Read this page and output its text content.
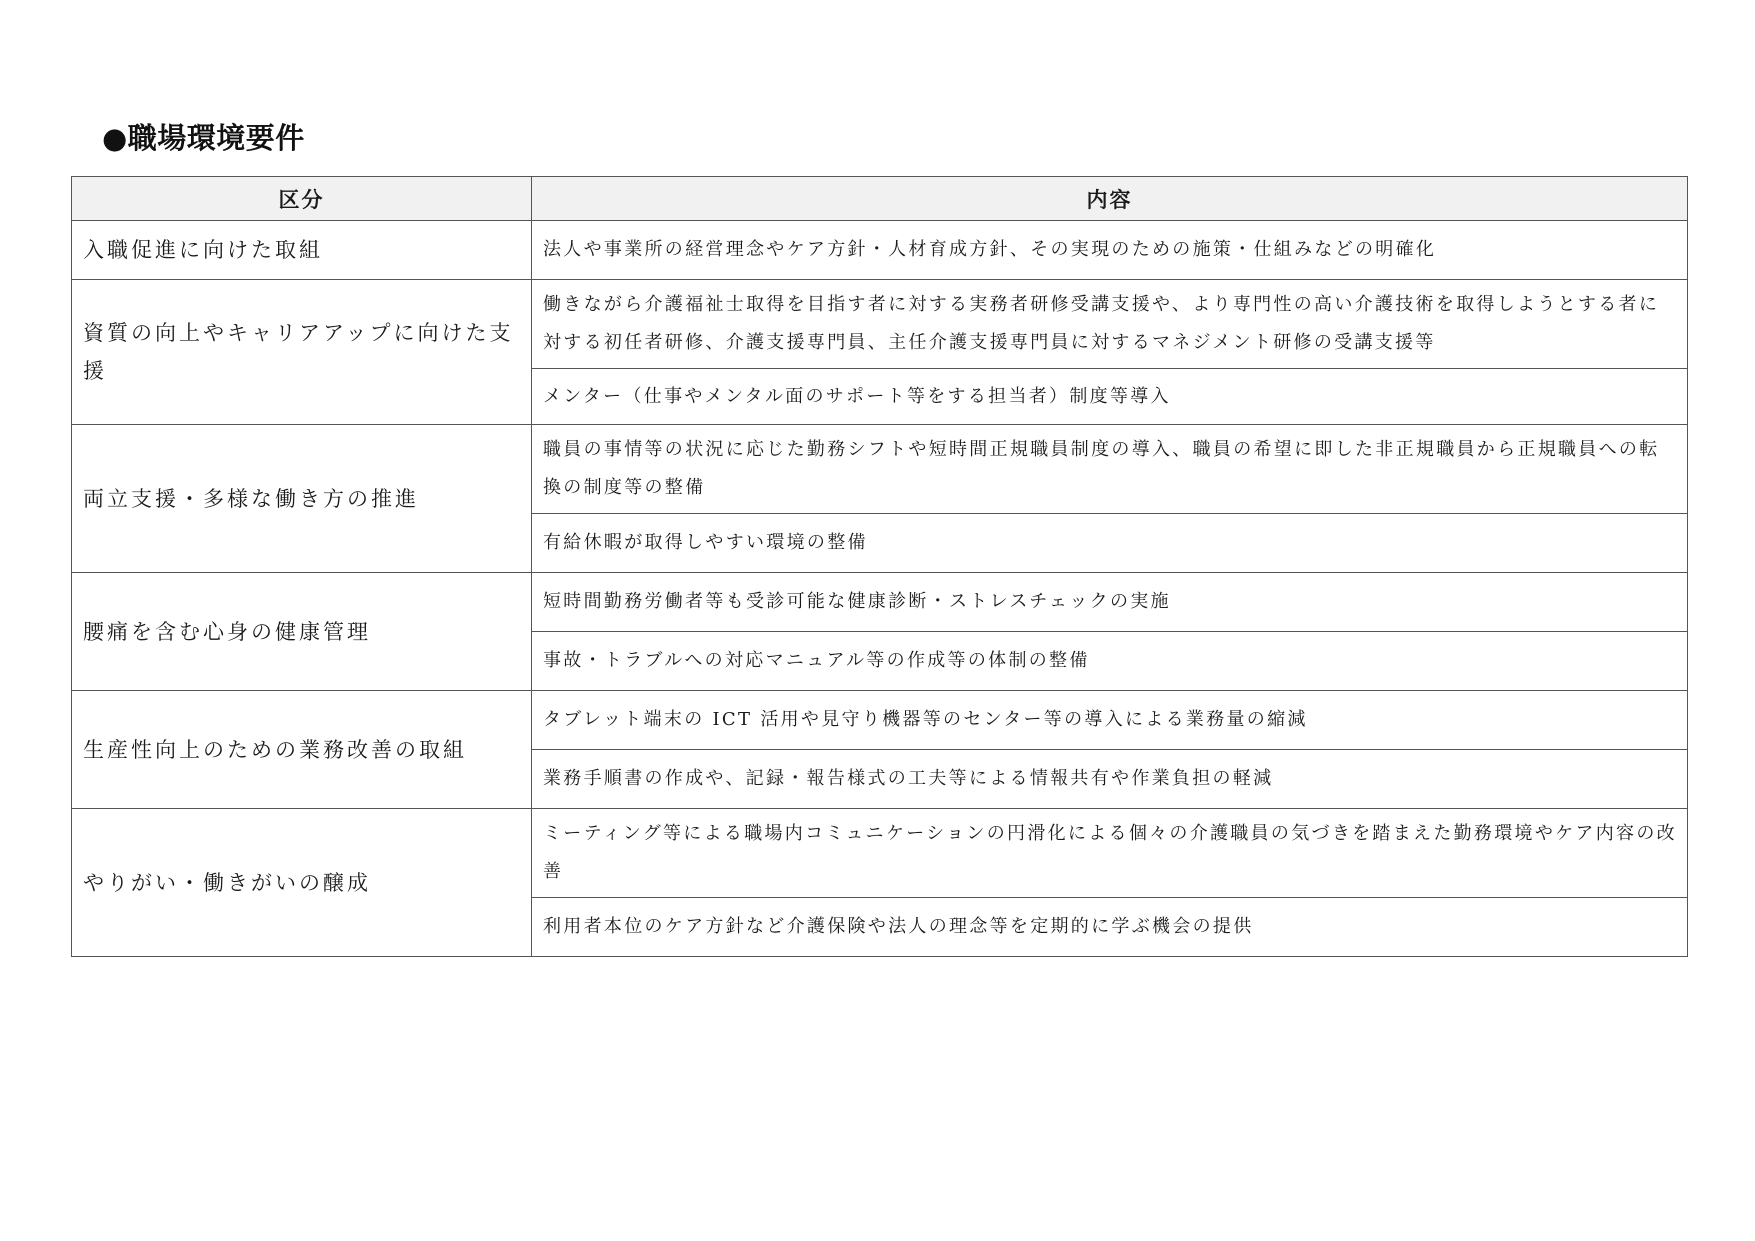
●職場環境要件
区分	内容
入職促進に向けた取組	法人や事業所の経営理念やケア方針・人材育成方針、その実現のための施策・仕組みなどの明確化
資質の向上やキャリアアップに向けた支援	働きながら介護福祉士取得を目指す者に対する実務者研修受講支援や、より専門性の高い介護技術を取得しようとする者に対する初任者研修、介護支援専門員、主任介護支援専門員に対するマネジメント研修の受講支援等
	メンター（仕事やメンタル面のサポート等をする担当者）制度等導入
両立支援・多様な働き方の推進	職員の事情等の状況に応じた勤務シフトや短時間正規職員制度の導入、職員の希望に即した非正規職員から正規職員への転換の制度等の整備
	有給休暇が取得しやすい環境の整備
腰痛を含む心身の健康管理	短時間勤務労働者等も受診可能な健康診断・ストレスチェックの実施
	事故・トラブルへの対応マニュアル等の作成等の体制の整備
生産性向上のための業務改善の取組	タブレット端末の ICT 活用や見守り機器等のセンター等の導入による業務量の縮減
	業務手順書の作成や、記録・報告様式の工夫等による情報共有や作業負担の軽減
やりがい・働きがいの醸成	ミーティング等による職場内コミュニケーションの円滑化による個々の介護職員の気づきを踏まえた勤務環境やケア内容の改善
	利用者本位のケア方針など介護保険や法人の理念等を定期的に学ぶ機会の提供
